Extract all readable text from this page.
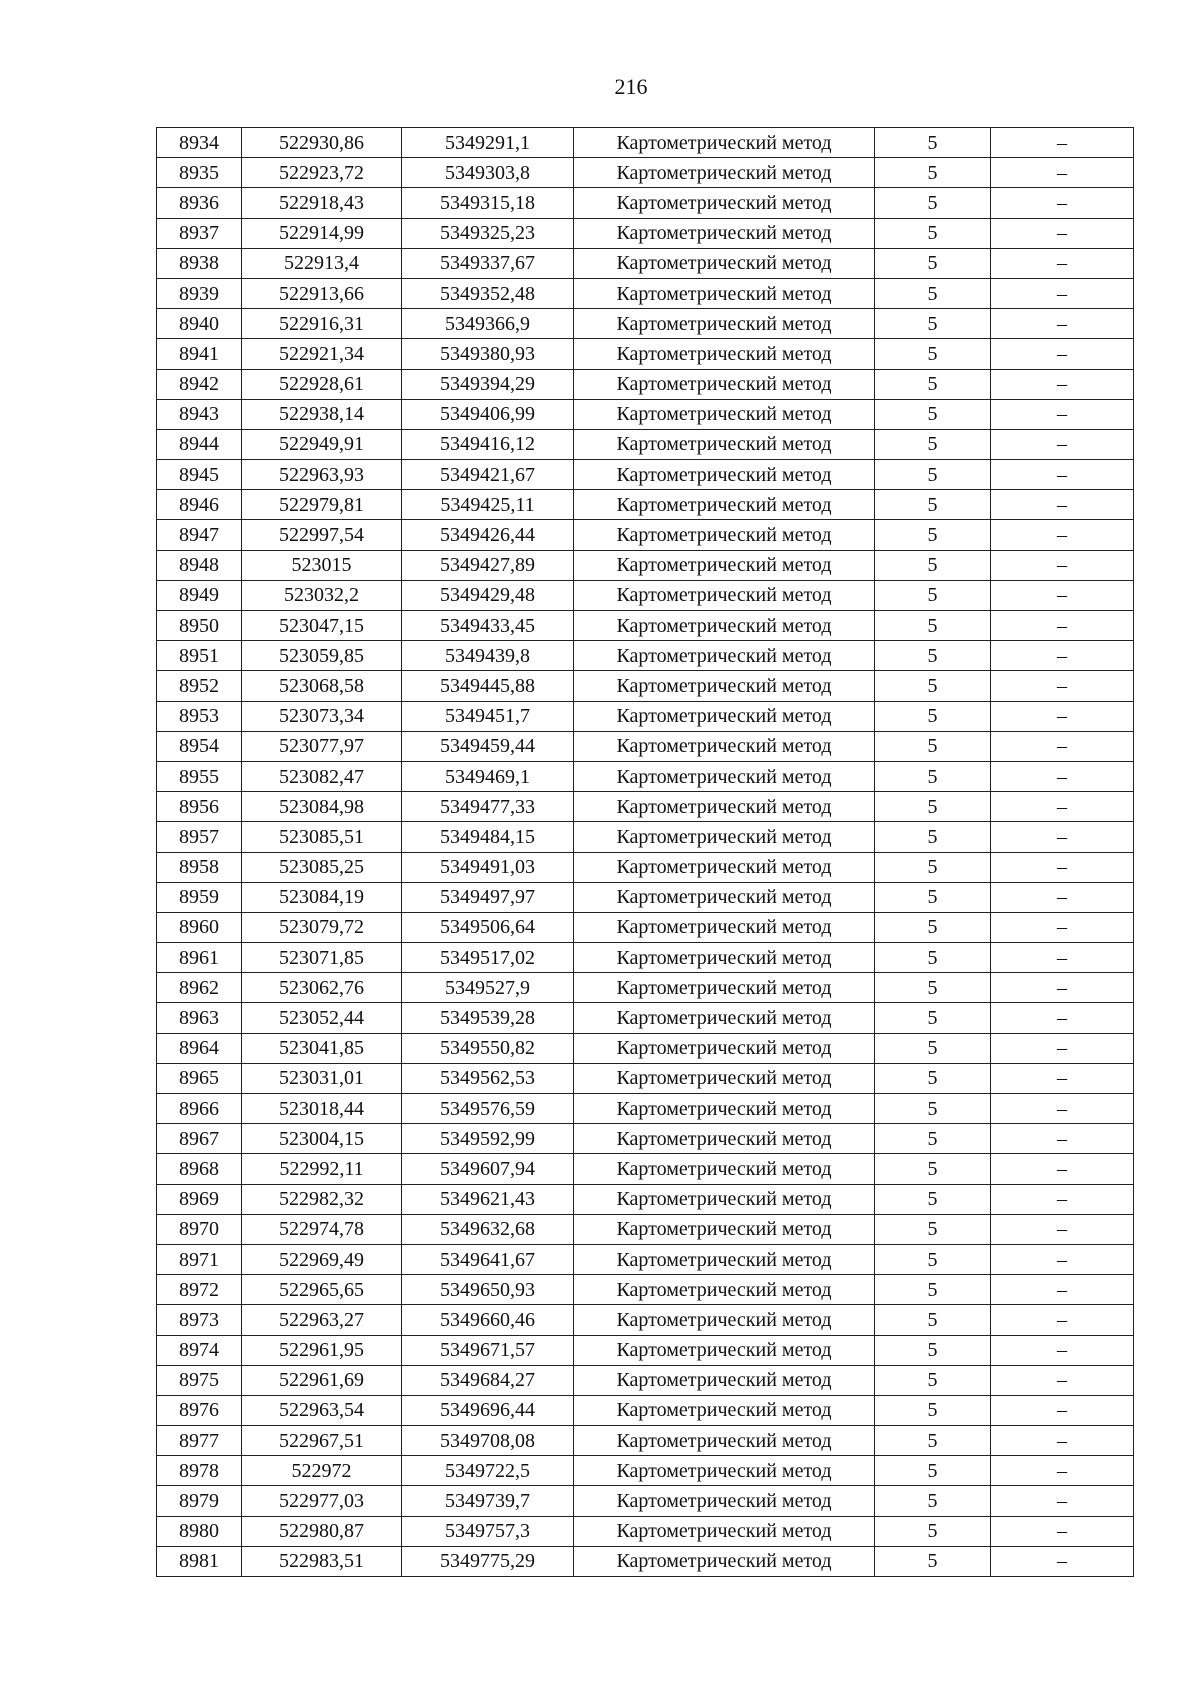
216
8934	522930,86	5349291,1	Картометрический метод	5	–
8935	522923,72	5349303,8	Картометрический метод	5	–
8936	522918,43	5349315,18	Картометрический метод	5	–
8937	522914,99	5349325,23	Картометрический метод	5	–
8938	522913,4	5349337,67	Картометрический метод	5	–
8939	522913,66	5349352,48	Картометрический метод	5	–
8940	522916,31	5349366,9	Картометрический метод	5	–
8941	522921,34	5349380,93	Картометрический метод	5	–
8942	522928,61	5349394,29	Картометрический метод	5	–
8943	522938,14	5349406,99	Картометрический метод	5	–
8944	522949,91	5349416,12	Картометрический метод	5	–
8945	522963,93	5349421,67	Картометрический метод	5	–
8946	522979,81	5349425,11	Картометрический метод	5	–
8947	522997,54	5349426,44	Картометрический метод	5	–
8948	523015	5349427,89	Картометрический метод	5	–
8949	523032,2	5349429,48	Картометрический метод	5	–
8950	523047,15	5349433,45	Картометрический метод	5	–
8951	523059,85	5349439,8	Картометрический метод	5	–
8952	523068,58	5349445,88	Картометрический метод	5	–
8953	523073,34	5349451,7	Картометрический метод	5	–
8954	523077,97	5349459,44	Картометрический метод	5	–
8955	523082,47	5349469,1	Картометрический метод	5	–
8956	523084,98	5349477,33	Картометрический метод	5	–
8957	523085,51	5349484,15	Картометрический метод	5	–
8958	523085,25	5349491,03	Картометрический метод	5	–
8959	523084,19	5349497,97	Картометрический метод	5	–
8960	523079,72	5349506,64	Картометрический метод	5	–
8961	523071,85	5349517,02	Картометрический метод	5	–
8962	523062,76	5349527,9	Картометрический метод	5	–
8963	523052,44	5349539,28	Картометрический метод	5	–
8964	523041,85	5349550,82	Картометрический метод	5	–
8965	523031,01	5349562,53	Картометрический метод	5	–
8966	523018,44	5349576,59	Картометрический метод	5	–
8967	523004,15	5349592,99	Картометрический метод	5	–
8968	522992,11	5349607,94	Картометрический метод	5	–
8969	522982,32	5349621,43	Картометрический метод	5	–
8970	522974,78	5349632,68	Картометрический метод	5	–
8971	522969,49	5349641,67	Картометрический метод	5	–
8972	522965,65	5349650,93	Картометрический метод	5	–
8973	522963,27	5349660,46	Картометрический метод	5	–
8974	522961,95	5349671,57	Картометрический метод	5	–
8975	522961,69	5349684,27	Картометрический метод	5	–
8976	522963,54	5349696,44	Картометрический метод	5	–
8977	522967,51	5349708,08	Картометрический метод	5	–
8978	522972	5349722,5	Картометрический метод	5	–
8979	522977,03	5349739,7	Картометрический метод	5	–
8980	522980,87	5349757,3	Картометрический метод	5	–
8981	522983,51	5349775,29	Картометрический метод	5	–
